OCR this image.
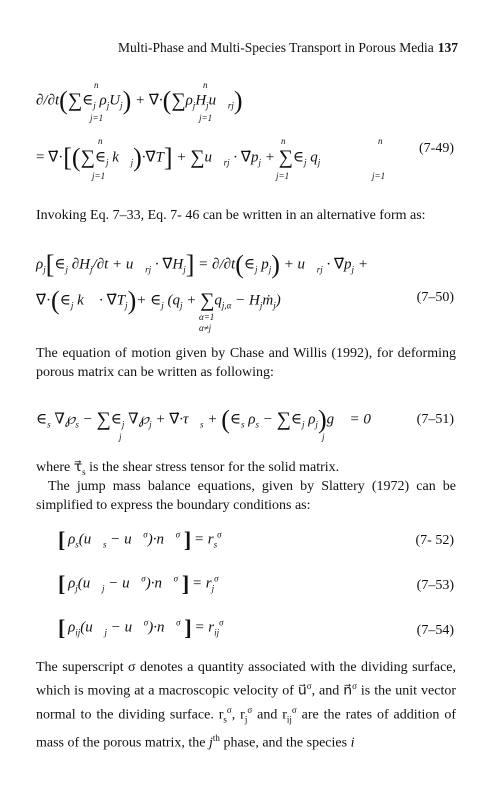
Multi-Phase and Multi-Species Transport in Porous Media 137
$\partial/\partial t(\sum\in_j$ $\rho_jU_j$) + $\nabla⃗\cdot(\sum\rho_jH_ju⃗_{rj})$
n
j=1
n
j=1
= $\nabla⃗\cdot[(\sum\in_j$ $k⃗_j)\cdot\nabla⃗T$] + $\sum u⃗_{rj}$ · $\nabla⃗p_j$ + $\sum\in_j$ $q_j$
n
j=1
n
j=1
n
j=1
(7-49)
Invoking Eq. 7–33, Eq. 7- 46 can be written in an alternative form as:
$\rho_j[\in_j$ $\partial H_j/\partial t$ + $u⃗_{rj}$ · $\nabla⃗H_j$] = $\partial/\partial t(\in_j$ $p_j$) + $u⃗_{rj}$ · $\nabla⃗p_j$ +
$\nabla⃗\cdot(\in_j$ k⃗ · $\nabla⃗T_j)+$ $\in_j$ ($q_j + \sum q_{j,\alpha}$ − $H_jṁ_j$)
α=1
α≠j
(7–50)
The equation of motion given by Chase and Willis (1992), for deforming porous matrix can be written as following:
$\in_s$ $\nabla℘_s$ − $\sum\in_j$ $\nabla℘_j$ + $\nabla⃗\cdot\tau⃗_s$ + ($\in_s$ $\rho_s$ − $\sum\in_j$ $\rho_j)g⃗ = 0$
j	j
(7–51)
where $\tau⃗_s$ is the shear stress tensor for the solid matrix.
The jump mass balance equations, given by Slattery (1972) can be simplified to express the boundary conditions as:
[ $\rho_s(u⃗_s$ − u⃗$^\sigma$)·n⃗$^\sigma$ ] = $r_s^\sigma$	(7- 52)
[ $\rho_j(u⃗_j$ − u⃗$^\sigma$)·n⃗$^\sigma$ ] = $r_j^\sigma$	(7–53)
[ $\rho_{ij}(u⃗_j$ − u⃗$^\sigma$)·n⃗$^\sigma$ ] = $r_{ij}^\sigma$
(7–54)
The superscript σ denotes a quantity associated with the dividing surface, which is moving at a macroscopic velocity of u⃗$^\sigma$, and n⃗$^\sigma$ is the unit vector normal to the dividing surface. $r_s^\sigma$, $r_j^\sigma$ and $r_{ij}^\sigma$ are the rates of addition of mass of the porous matrix, the $j^{th}$ phase, and the species i
